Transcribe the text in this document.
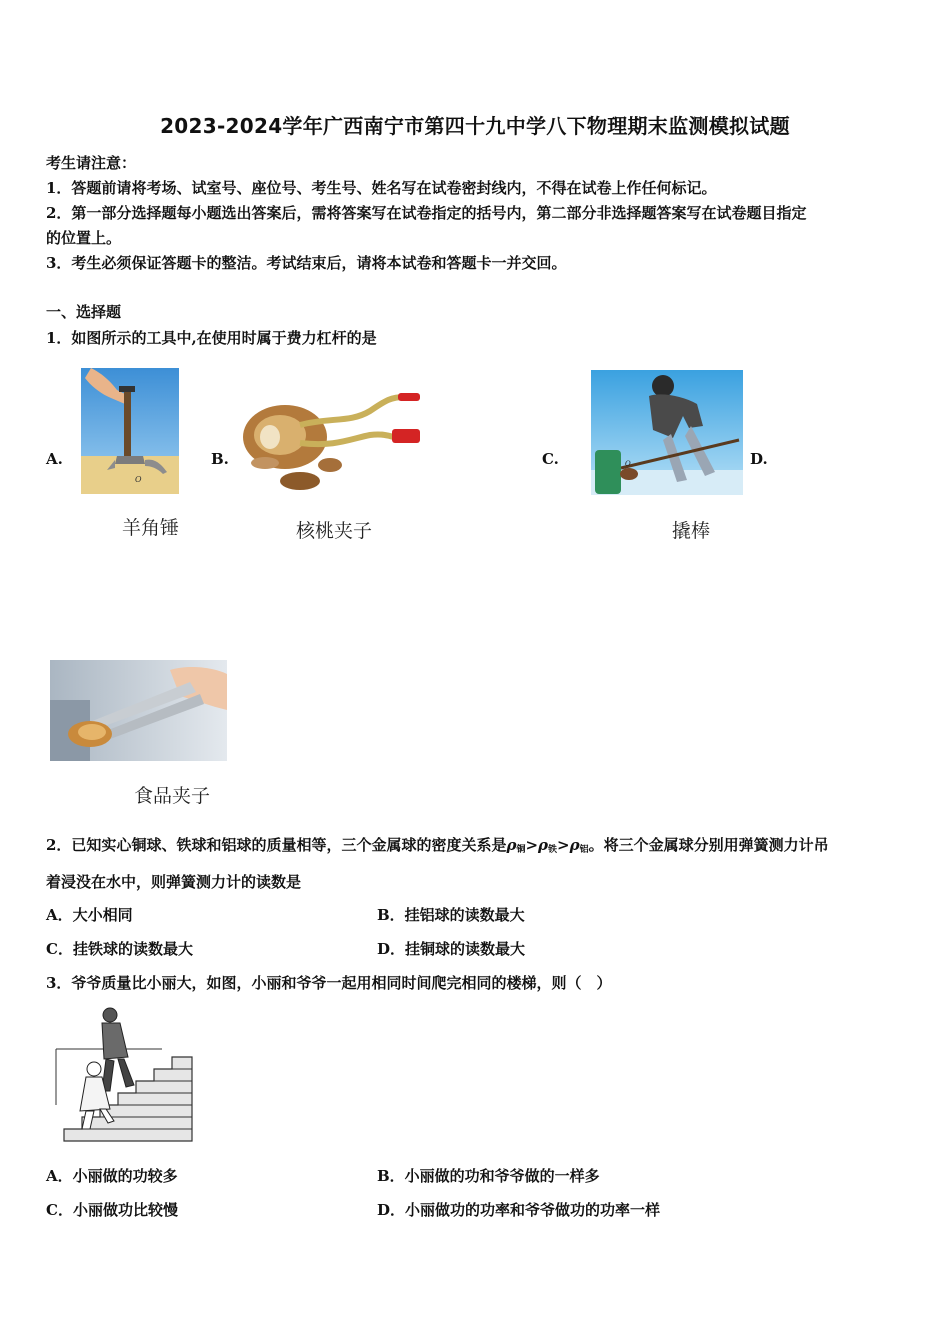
2023-2024学年广西南宁市第四十九中学八下物理期末监测模拟试题
考生请注意：
1．答题前请将考场、试室号、座位号、考生号、姓名写在试卷密封线内，不得在试卷上作任何标记。
2．第一部分选择题每小题选出答案后，需将答案写在试卷指定的括号内，第二部分非选择题答案写在试卷题目指定
的位置上。
3．考生必须保证答题卡的整洁。考试结束后，请将本试卷和答题卡一并交回。
一、选择题
1．如图所示的工具中,在使用时属于费力杠杆的是
A.	B.	C.	D.
O
O
羊角锤	核桃夹子	撬棒
食品夹子
2．已知实心铜球、铁球和铝球的质量相等，三个金属球的密度关系是$\rho_铜>\rho_铁>\rho_铝$。将三个金属球分别用弹簧测力计吊
着浸没在水中，则弹簧测力计的读数是
A．大小相同	B．挂铝球的读数最大
C．挂铁球的读数最大	D．挂铜球的读数最大
3．爷爷质量比小丽大，如图，小丽和爷爷一起用相同时间爬完相同的楼梯，则（　）
A．小丽做的功较多	B．小丽做的功和爷爷做的一样多
C．小丽做功比较慢	D．小丽做功的功率和爷爷做功的功率一样
